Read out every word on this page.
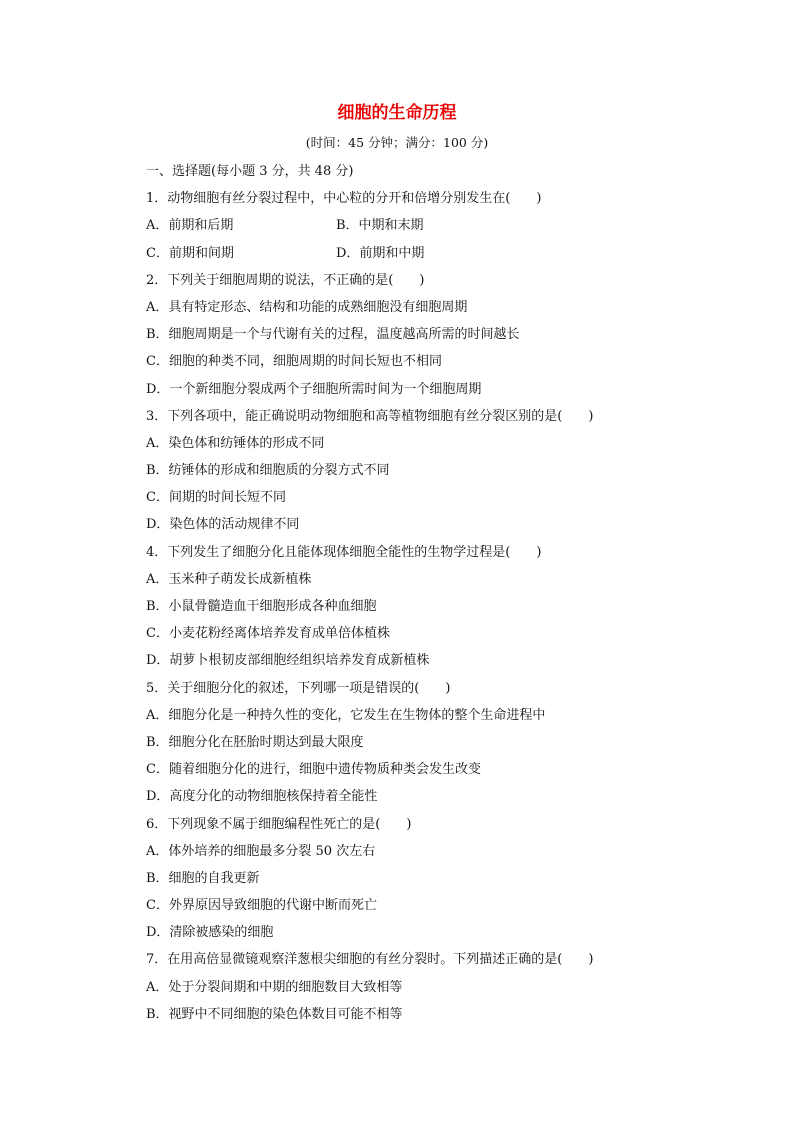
细胞的生命历程
(时间：45 分钟；满分：100 分)
一、选择题(每小题 3 分，共 48 分)
1．动物细胞有丝分裂过程中，中心粒的分开和倍增分别发生在(　　)
A．前期和后期	B．中期和末期
C．前期和间期	D．前期和中期
2．下列关于细胞周期的说法，不正确的是(　　)
A．具有特定形态、结构和功能的成熟细胞没有细胞周期
B．细胞周期是一个与代谢有关的过程，温度越高所需的时间越长
C．细胞的种类不同，细胞周期的时间长短也不相同
D．一个新细胞分裂成两个子细胞所需时间为一个细胞周期
3．下列各项中，能正确说明动物细胞和高等植物细胞有丝分裂区别的是(　　)
A．染色体和纺锤体的形成不同
B．纺锤体的形成和细胞质的分裂方式不同
C．间期的时间长短不同
D．染色体的活动规律不同
4．下列发生了细胞分化且能体现体细胞全能性的生物学过程是(　　)
A．玉米种子萌发长成新植株
B．小鼠骨髓造血干细胞形成各种血细胞
C．小麦花粉经离体培养发育成单倍体植株
D．胡萝卜根韧皮部细胞经组织培养发育成新植株
5．关于细胞分化的叙述，下列哪一项是错误的(　　)
A．细胞分化是一种持久性的变化，它发生在生物体的整个生命进程中
B．细胞分化在胚胎时期达到最大限度
C．随着细胞分化的进行，细胞中遗传物质种类会发生改变
D．高度分化的动物细胞核保持着全能性
6．下列现象不属于细胞编程性死亡的是(　　)
A．体外培养的细胞最多分裂 50 次左右
B．细胞的自我更新
C．外界原因导致细胞的代谢中断而死亡
D．清除被感染的细胞
7．在用高倍显微镜观察洋葱根尖细胞的有丝分裂时。下列描述正确的是(　　)
A．处于分裂间期和中期的细胞数目大致相等
B．视野中不同细胞的染色体数目可能不相等
